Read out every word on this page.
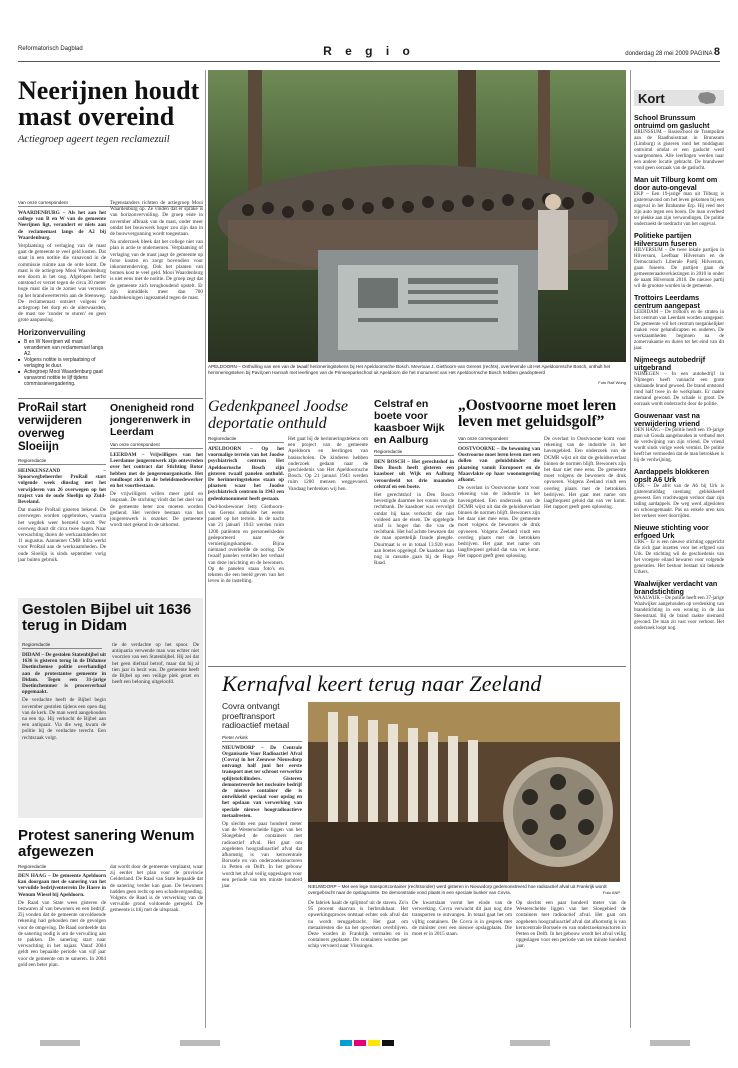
Reformatorisch Dagblad	R e g i o	donderdag 28 mei 2009 PAGINA 8
Neerijnen houdt mast overeind
Actiegroep ageert tegen reclamezuil
Van onze correspondent

WAARDENBURG – Als het aan het college van B en W van de gemeente Neerijnen ligt, verandert er niets aan de reclamemast langs de A2 bij Waardenburg.

Verplaatsing of verlaging van de mast gaat de gemeente te veel geld kosten. Dat staat in een notitie die vanavond in de commissie ruimte aan de orde komt. De mast is de actiegroep Mooi Waardenburg een doorn in het oog. Afgelopen herfst ontstond er verzet tegen de circa 30 meter hoge mast die in de zomer was verrezen op het brandweerterrein aan de Steenweg. De reclamemast ontsiert volgens de actiegroep het dorp en de uiterwaarden, de mast toe 'zonder te sturen' en geen grote aanpassing.

Tegenstanders richtten de actiegroep Mooi Waardenburg op. Ze vinden dat er sprake is van horizonvervuiling. De groep eiste in november afbraak van de mast, onder meer omdat het bouwwerk hoger zou zijn dan in de bouwvergunning wordt toegestaan.

Na onderzoek bleek dat het college niet van plan is actie te ondernemen. Verplaatsing of verlaging van de mast jaagt de gemeente op forse kosten en zorgt bovendien voor inkomstenderving. Ook het planten van bomen kost te veel geld. Mooi Waardenburg is niet eens met de notitie. De groep zegt dat de gemeente zich terughoudend opstelt. Er zijn inmiddels meer dan 700 handtekeningen ingezameld tegen de mast.

Horizonvervuiling
■ B en W Neerijnen wil mast verandenen van reclamemast langs A2.
■ Volgens notitie is verplaatsing of verlaging te duur.
■ Actiegroep Mooi Waardenburg gaat vanavond notitie te lijf tijdens commissievergadering.
APELDOORN – Onthulling van een van de twaalf herinneringstekens bij Het Apeldoornsche Bosch. Mevrouw J. Giethoorn-van Gerens (rechts), overlevende uit Het Apeldoornsche Bosch, onthult het herinneringsteken bij Pavil¡oen Hannah met leerlingen van de Prinsenparkschool uit Apeldoorn die het monument van Het Apeldoornsche Bosch hebben geadopteerd
Foto Ralf Wong
Kort
School Brunssum ontruimd om gaslucht
BRUNSSUM – Basisschool de Trampoline aan de Raadhuisstraat in Brunssum (Limburg) is gisteren rond het middaguur ontruimd omdat er een gaslucht werd waargenomen. Alle leerlingen werden naar een andere locatie gebracht. De brandweer vond geen oorzaak van de gaslucht.
Man uit Tilburg komt om door auto-ongeval
EKP – Een 19-jarige man uit Tilburg is gisterenavond om het leven gekomen bij een ongeval in het Brabantse Erp. Hij reed met zijn auto tegen een boom. De man overleed ter plekke aan zijn verwondingen. De politie onderzoekt de toedracht van het ongeval.
Politieke partijen Hilversum fuseren
HILVERSUM – De twee lokale partijen in Hilversum, Leefbaar Hilversum en de Democratisch Liberale Partij Hilversum, gaan fuseren. De partijen gaan de gemeenteraadsverkiezingen in 2010 in onder de naam Hilversum 2010. De nieuwe partij wil de grootste worden in de gemeente.
Trottoirs Leerdams centrum aangepast
LEERDAM – De trottoirs en de straten in het centrum van Leerdam worden aangepast. De gemeente wil het centrum toegankelijker maken voor gehandicapten en ouderen. De werkzaamheden beginnen na de zomervakantie en duren tot het eind van dit jaar.
Nijmeegs autobedrijf uitgebrand
NIJMEGEN – In een autobedrijf in Nijmegen heeft vannacht een grote uitslaande brand gewoed. De brand ontstond rond half twee in de werkplaats. Er raakte niemand gewond. De schade is groot. De oorzaak wordt onderzocht door de politie.
Gouwenaar vast na verwijdering vriend
DEN HAAG – De politie heeft een 19-jarige man uit Gouda aangehouden in verband met de verdwijning van zijn vriend. De vriend wordt sinds vorige week vermist. De politie heeft het vermoeden dat de man betrokken is bij de verdwijning.
Aardappels blokkeren opslt A6 Urk
URK – De afrit van de A6 bij Urk is gisterenmiddag urenlang geblokkeerd geweest. Een vrachtwagen verloor daar zijn lading aardappels. De weg werd afgesloten en schoongemaakt. Pas na enkele uren kon het verkeer weer doorrijden.
Nieuwe stichting voor erfgoed Urk
URK – Er is een nieuwe stichting opgericht die zich gaat inzetten voor het erfgoed van Urk. De stichting wil de geschiedenis van het vroegere eiland bewaren voor volgende generaties. Het bestuur bestaat uit bekende Urkers.
Waalwijker verdacht van brandstichting
WAALWIJK – De politie heeft een 37-jarige Waalwijker aangehouden op verdenking van brandstichting in een woning in de Jan Steenstraat. Bij de brand raakte niemand gewond. De man zit vast voor verhoor. Het onderzoek loopt nog.
ProRail start verwijderen overweg Sloeiijn
Regioredactie

HEINKENSZAND – Spoorwegbeheerder ProRail start volgende week dinsdag met het verwijderen van 26 overwegen op het traject van de oude Sloelijn op Zuid-Beveland.

Dat maakte ProRail gisteren bekend. De overwegen worden opgebroken, waarna het wegdek weer hersteld wordt. Per overweg duurt dit circa twee dagen. Naar verwachting duren de werkzaamheden tot 11 augustus. Aannemer CMB Infra werkt voor ProRail aan de werkzaamheden. De oude Sloelijn is sinds september vorig jaar buiten gebruik.

Onenigheid rond jongerenwerk in Leerdam
Van onze correspondent

LEERDAM – Vrijwilligers van het Leerdamse jongerenwerk zijn ontevreden over het contract dat Stichting Rotor hebben met de jongerenorganisatie. Het rondloopt zich in de beleidsmedewerker en het voortbestaan.

De vrijwilligers willen meer geld en inspraak. De stichting vindt dat het doel van de gemeente beter zou moeten worden gediend. Het verdere bestaan van het jongerenwerk is onzeker. De gemeente wordt niet gekend in de uitkomst.

Gestolen Bijbel uit 1636 terug in Didam
Regioredactie

DIDAM – De gestolen Statenbijbel uit 1636 is gisteren terug in de Didamse Doetinchemse politie overhandigd aan de protestantse gemeente in Didam. Tegen een 31-jarige Doetinchemmer is procesverbaal opgemaakt.

De verdachte heeft de Bijbel begin november gestolen tijdens een open dag van de kerk. De man werd aangehouden na een tip. Hij verkocht de Bijbel aan een antiquair. Via die weg kwam de politie bij de verdachte terecht. Een rechtszaak volgt.

tie de verdachte op het spoor. De antiquaria verwende man was echter niet voorzien van een Statenbijbel. Hij zei dat het geen diefstal betrof, maar dat hij al tien jaar in bezit was. De gemeente heeft de Bijbel op een veilige plek gezet en heeft een beloning uitgeloofd.

Protest sanering Wenum afgewezen
Regioredactie

DEN HAAG – De gemeente Apeldoorn kan doorgaan met de sanering van het vervuilde bedrijventerrein De Haere in Wenum Wiesel bij Apeldoorn.

De Raad van State wees gisteren de bezwaren af van bewoners en een bedrijf. Zij vonden dat de gemeente onvoldoende rekening had gehouden met de gevolgen voor de omgeving. De Raad oordeelde dat de sanering nodig is om de vervuiling aan te pakken. De sanering start naar verwachting in het najaar. Vanaf 2004 geldt een bepaalde periode van vijf jaar voor de gemeente om te saneren. In 2004 gold een beter plan.

dat wordt door de gemeente verplaatst, waar zij eerder het plan voor de provincie Gelderland. De Raad van State bepaalde dat de sanering verder kan gaan. De bewoners hadden geen recht op een schadevergoeding. Volgens de Raad is de verwerking van de vervuilde grond voldoende geregeld. De gemeente is blij met de uitspraak.

Gedenkpaneel Joodse deportatie onthuld
Regioredactie

APELDOORN – Op het voormalige terrein van het Joodse psychiatrisch centrum Het Apeldoornsche Bosch zijn gisteren twaalf panelen onthuld. De herinneringstekens staan op plaatsen waar het Joodse psychiatrisch centrum in 1943 een gedenkmonument heeft gestaan.

Oud-bosbewoner Jetty Giethoorn-van Gerens onthulde het eerste paneel op het terrein. In de nacht van 21 januari 1943 werden ruim 1200 patiënten en personeelsleden gedeporteerd naar de vernietigingskampen. Bijna niemand overleefde de oorlog. De twaalf panelen vertellen het verhaal van deze inrichting en de bewoners. Op de panelen staan foto's en teksten die een beeld geven van het leven in de instelling.

Het gaat bij de herinneringstekens om een project van de gemeente Apeldoorn en leerlingen van basisscholen. De kinderen hebben onderzoek gedaan naar de geschiedenis van Het Apeldoornsche Bosch. Op 21 januari 1943 werden ruim 1200 mensen weggevoerd. Vandaag herdenken wij hen.

Celstraf en boete voor kaasboer Wijk en Aalburg
Regioredactie

DEN BOSCH – Het gerechtshof in Den Bosch heeft gisteren een kaasboer uit Wijk en Aalburg veroordeeld tot drie maanden celstraf en een boete.

Het gerechtshof in Den Bosch bevestigde daarmee het vonnis van de rechtbank. De kaasboer was vervolgd omdat hij kaas verkocht die niet voldeed aan de eisen. De opgelegde straf is hoger dan die van de rechtbank. Het hof achtte bewezen dat de man opzettelijk fraude pleegde. Duurmaat is er in totaal 13.920 euro aan boetes opgelegd. De kaasboer kan nog in cassatie gaan bij de Hoge Raad.

„Oostvoorne moet leren leven met geluidsgolf”
Van onze correspondent

OOSTVOORNE – De bewoning van Oostvoorne moet leren leven met een dollen van geluidshinder die plaatsing vanuit Europoort en de Maasvlakte op haar woonomgeving afkomt.

De overlast in Oostvoorne komt voor rekening van de industrie in het havengebied. Een onderzoek van de DCMR wijst uit dat de geluidsoverlast binnen de normen blijft. Bewoners zijn het daar niet mee eens. De gemeente moet volgens de bewoners de druk opvoeren. Volgens Zeeland vindt een overleg plaats met de betrokken bedrijven. Het gaat met name om laagfrequent geluid dat van ver komt. Het rapport geeft geen oplossing.

De overlast in Oostvoorne komt voor rekening van de industrie in het havengebied. Een onderzoek van de DCMR wijst uit dat de geluidsoverlast binnen de normen blijft. Bewoners zijn het daar niet mee eens. De gemeente moet volgens de bewoners de druk opvoeren. Volgens Zeeland vindt een overleg plaats met de betrokken bedrijven. Het gaat met name om laagfrequent geluid dat van ver komt. Het rapport geeft geen oplossing.

Kernafval keert terug naar Zeeland
Covra ontvangt proeftransport radioactief metaal
Pieter Arkink

NIEUWDORP – De Centrale Organisatie Voor Radioactief Afval (Covra) in het Zeeuwse Nieuwdorp ontvangt half juni het eerste transport met ter schroot verwerkte splijtstofcilinders. Gisteren demonstreerde het nucleaire bedrijf de nieuwe container die is ontwikkeld speciaal voor opslag en het opslaan van verwerking van speciale nieuwe hoogradioactieve metaalresten.

Op slechts een paar honderd meter van de Westerschelde liggen van het Sloegebied de containers met radioactief afval. Het gaat om zogeheten hoogradioactief afval dat afkomstig is van kerncentrale Borssele en van onderzoeksreactoren in Petten en Delft. In het gebouw wordt het afval veilig opgeslagen voor een periode van ten minste honderd jaar.	NIEUWDORP – Met een lege transportcontainer (rechtsonder) werd gisteren in Nieuwdorp gedemonstreerd hoe radioactief afval uit Frankrijk wordt overgebracht naar de opslagruimte. De demonstratie vond plaats in een speciale bunker van Covra.	Foto ANP

De fabriek haalt de splijtstof uit de staven. Zo'n 95 procent daarvan is herbruikbaar. Het opwerkingsproces ontstaat echter ook afval dat nu wordt teruggebracht. Het gaat om metaalresten die na het opwerken overblijven. Deze worden in Frankrijk vermalen en in containers geplaatst. De containers worden per schip vervoerd naar Vlissingen.

De kwartslaan vormt het einde van de verwerking. Covra verwacht dit jaar nog drie transporten te ontvangen. In totaal gaat het om vijftig containers. De Covra is in gesprek met de minister over een nieuwe opslagplaats. Die moet er in 2015 staan.

Op slechts een paar honderd meter van de Westerschelde liggen van het Sloegebied de containers met radioactief afval. Het gaat om zogeheten hoogradioactief afval dat afkomstig is van kerncentrale Borssele en van onderzoeksreactoren in Petten en Delft. In het gebouw wordt het afval veilig opgeslagen voor een periode van ten minste honderd jaar.
